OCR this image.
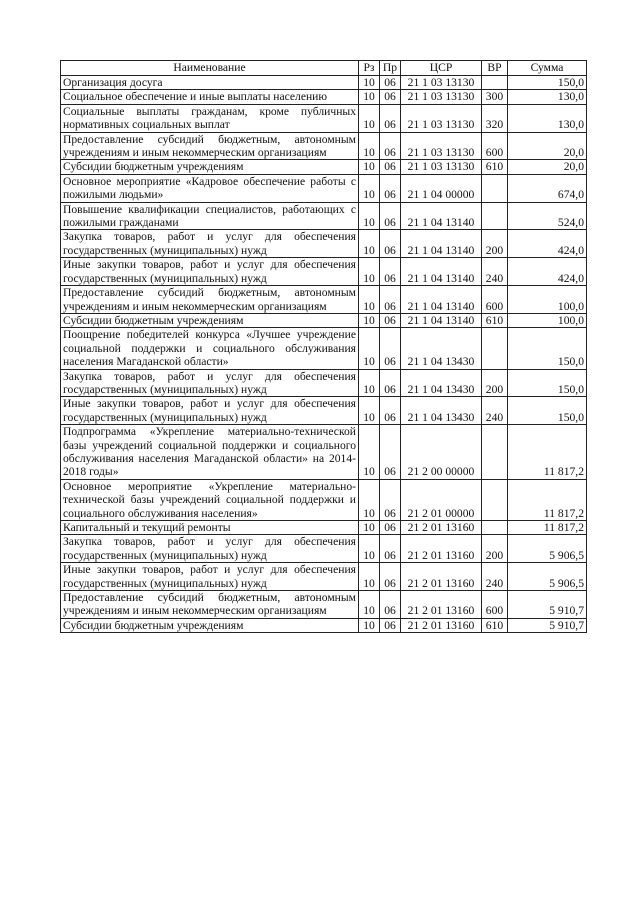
Наименование	Рз	Пр	ЦСР	ВР	Сумма
Организация досуга	10	06	21 1 03 13130		150,0
Социальное обеспечение и иные выплаты населению	10	06	21 1 03 13130	300	130,0
Социальные выплаты гражданам, кроме публичных нормативных социальных выплат	10	06	21 1 03 13130	320	130,0
Предоставление субсидий бюджетным, автономным учреждениям и иным некоммерческим организациям	10	06	21 1 03 13130	600	20,0
Субсидии бюджетным учреждениям	10	06	21 1 03 13130	610	20,0
Основное мероприятие «Кадровое обеспечение работы с пожилыми людьми»	10	06	21 1 04 00000		674,0
Повышение квалификации специалистов, работающих с пожилыми гражданами	10	06	21 1 04 13140		524,0
Закупка товаров, работ и услуг для обеспечения государственных (муниципальных) нужд	10	06	21 1 04 13140	200	424,0
Иные закупки товаров, работ и услуг для обеспечения государственных (муниципальных) нужд	10	06	21 1 04 13140	240	424,0
Предоставление субсидий бюджетным, автономным учреждениям и иным некоммерческим организациям	10	06	21 1 04 13140	600	100,0
Субсидии бюджетным учреждениям	10	06	21 1 04 13140	610	100,0
Поощрение победителей конкурса «Лучшее учреждение социальной поддержки и социального обслуживания населения Магаданской области»	10	06	21 1 04 13430		150,0
Закупка товаров, работ и услуг для обеспечения государственных (муниципальных) нужд	10	06	21 1 04 13430	200	150,0
Иные закупки товаров, работ и услуг для обеспечения государственных (муниципальных) нужд	10	06	21 1 04 13430	240	150,0
Подпрограмма «Укрепление материально-технической базы учреждений социальной поддержки и социального обслуживания населения Магаданской области» на 2014-2018 годы»	10	06	21 2 00 00000		11 817,2
Основное мероприятие «Укрепление материально-технической базы учреждений социальной поддержки и социального обслуживания населения»	10	06	21 2 01 00000		11 817,2
Капитальный и текущий ремонты	10	06	21 2 01 13160		11 817,2
Закупка товаров, работ и услуг для обеспечения государственных (муниципальных) нужд	10	06	21 2 01 13160	200	5 906,5
Иные закупки товаров, работ и услуг для обеспечения государственных (муниципальных) нужд	10	06	21 2 01 13160	240	5 906,5
Предоставление субсидий бюджетным, автономным учреждениям и иным некоммерческим организациям	10	06	21 2 01 13160	600	5 910,7
Субсидии бюджетным учреждениям	10	06	21 2 01 13160	610	5 910,7
